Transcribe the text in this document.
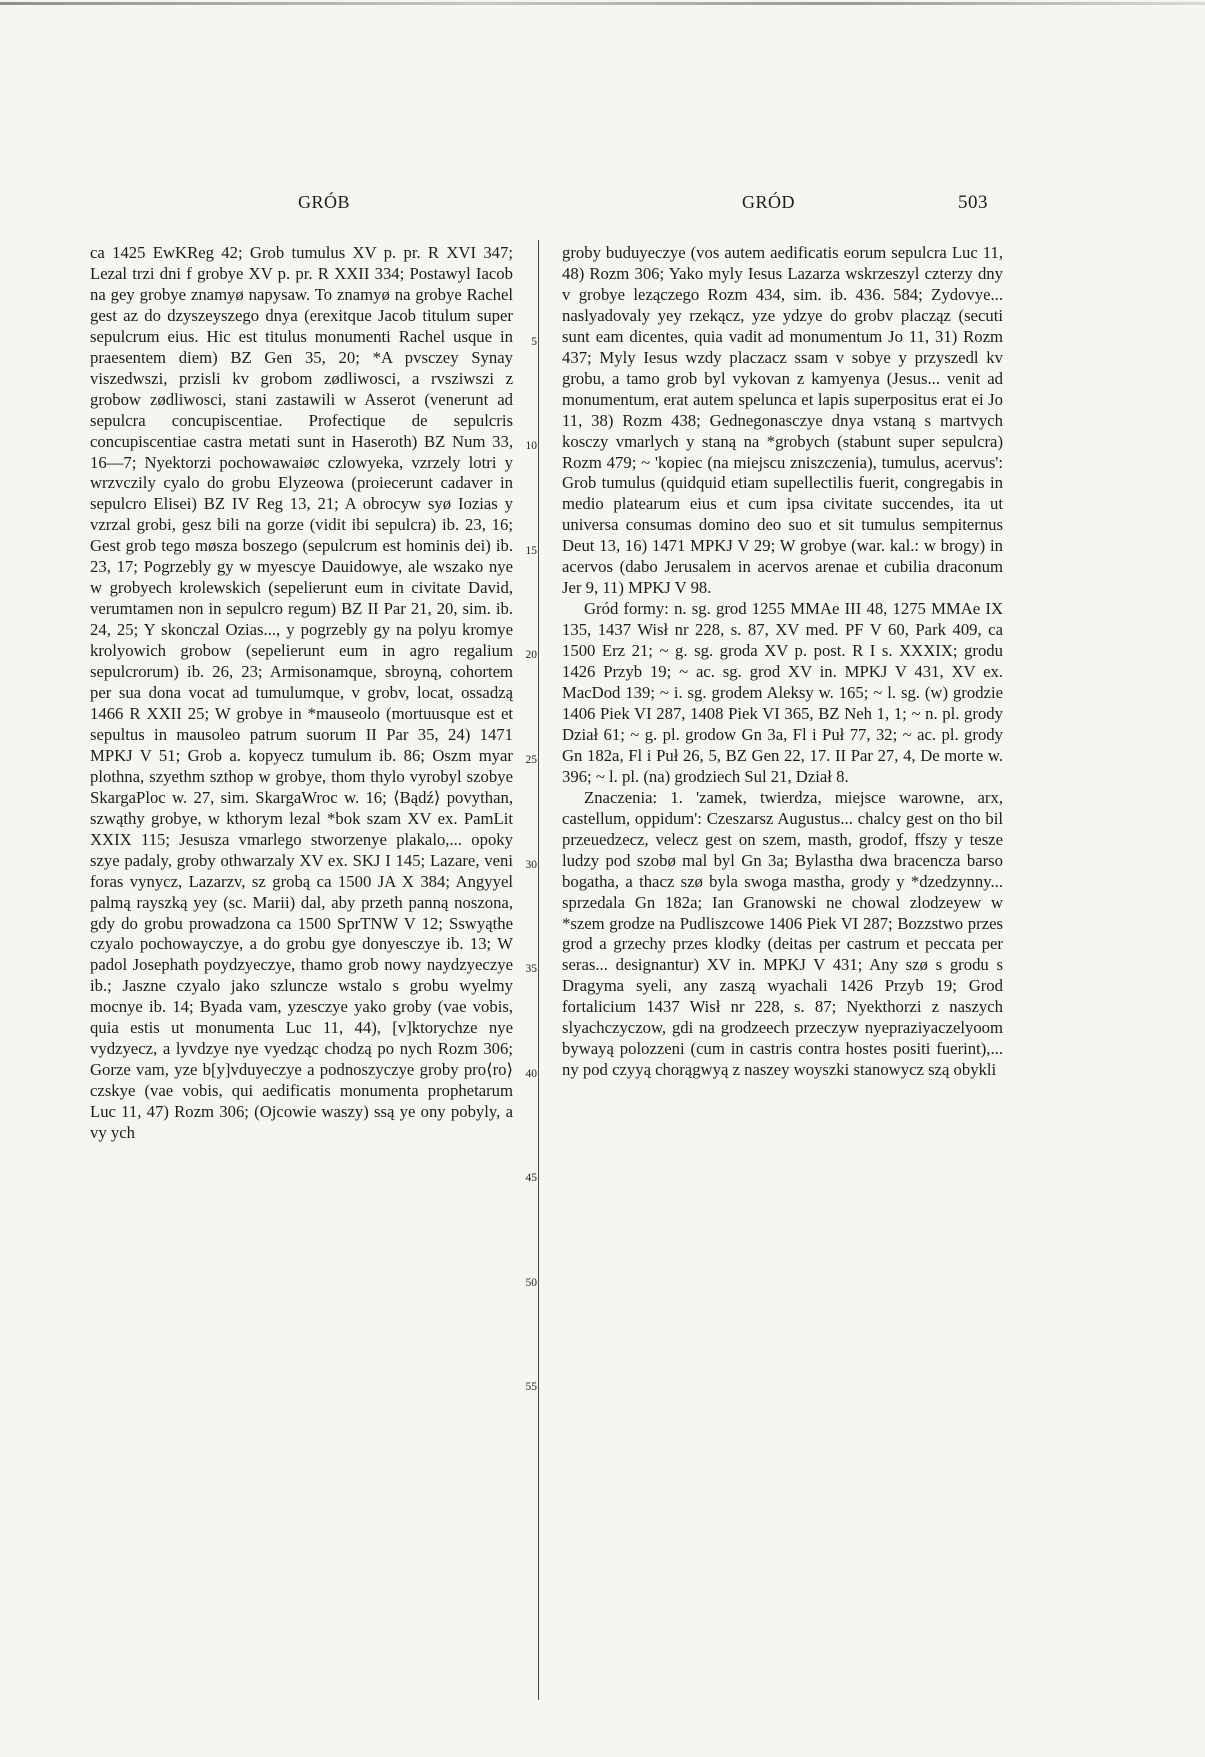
GRÓB	GRÓD	503

ca 1425 EwKReg 42; Grob tumulus XV p. pr. R XVI 347; Lezal trzi dni f grobye XV p. pr. R XXII 334; Postawyl Iacob na gey grobye znamyø napysaw. To znamyø na grobye Rachel gest az do dzyszeyszego dnya (erexitque Jacob titulum super sepulcrum eius. Hic est titulus monumenti Rachel usque in praesentem diem) BZ Gen 35, 20; *A pvsczey Synay viszedwszi, przisli kv grobom zødliwosci, a rvsziwszi z grobow zødliwosci, stani zastawili w Asserot (venerunt ad sepulcra concupiscentiae. Profectique de sepulcris concupiscentiae castra metati sunt in Haseroth) BZ Num 33, 16—7; Nyektorzi pochowawaiøc czlowyeka, vzrzely lotri y wrzvczily cyalo do grobu Elyzeowa (proiecerunt cadaver in sepulcro Elisei) BZ IV Reg 13, 21; A obrocyw syø Iozias y vzrzal grobi, gesz bili na gorze (vidit ibi sepulcra) ib. 23, 16; Gest grob tego møsza boszego (sepulcrum est hominis dei) ib. 23, 17; Pogrzebly gy w myescye Dauidowye, ale wszako nye w grobyech krolewskich (sepelierunt eum in civitate David, verumtamen non in sepulcro regum) BZ II Par 21, 20, sim. ib. 24, 25; Y skonczal Ozias..., y pogrzebly gy na polyu kromye krolyowich grobow (sepelierunt eum in agro regalium sepulcrorum) ib. 26, 23; Armisonamque, sbroyną, cohortem per sua dona vocat ad tumulumque, v grobv, locat, ossadzą 1466 R XXII 25; W grobye in *mauseolo (mortuusque est et sepultus in mausoleo patrum suorum II Par 35, 24) 1471 MPKJ V 51; Grob a. kopyecz tumulum ib. 86; Oszm myar plothna, szyethm szthop w grobye, thom thylo vyrobyl szobye SkargaPloc w. 27, sim. SkargaWroc w. 16; ⟨Bądź⟩ povythan, szwąthy grobye, w kthorym lezal *bok szam XV ex. PamLit XXIX 115; Jesusza vmarlego stworzenye plakalo,... opoky szye padaly, groby othwarzaly XV ex. SKJ I 145; Lazare, veni foras vynycz, Lazarzv, sz grobą ca 1500 JA X 384; Angyyel palmą rayszką yey (sc. Marii) dal, aby przeth panną noszona, gdy do grobu prowadzona ca 1500 SprTNW V 12; Sswyąthe czyalo pochowayczye, a do grobu gye donyesczye ib. 13; W padol Josephath poydzyeczye, thamo grob nowy naydzyeczye ib.; Jaszne czyalo jako szluncze wstalo s grobu wyelmy mocnye ib. 14; Byada vam, yzesczye yako groby (vae vobis, quia estis ut monumenta Luc 11, 44), [v]ktorychze nye vydzyecz, a lyvdzye nye vyedząc chodzą po nych Rozm 306; Gorze vam, yze b[y]vduyeczye a podnoszyczye groby pro⟨ro⟩czskye (vae vobis, qui aedificatis monumenta prophetarum Luc 11, 47) Rozm 306; (Ojcowie waszy) ssą ye ony pobyly, a vy ych

5
10
15
20
25
30
35
40
45
50
55

groby buduyeczye (vos autem aedificatis eorum sepulcra Luc 11, 48) Rozm 306; Yako myly Iesus Lazarza wskrzeszyl czterzy dny v grobye lezączego Rozm 434, sim. ib. 436. 584; Zydovye... naslyadovaly yey rzekącz, yze ydzye do grobv placząz (secuti sunt eam dicentes, quia vadit ad monumentum Jo 11, 31) Rozm 437; Myly Iesus wzdy placzacz ssam v sobye y przyszedl kv grobu, a tamo grob byl vykovan z kamyenya (Jesus... venit ad monumentum, erat autem spelunca et lapis superpositus erat ei Jo 11, 38) Rozm 438; Gednegonasczye dnya vstaną s martvych kosczy vmarlych y staną na *grobych (stabunt super sepulcra) Rozm 479; ~ 'kopiec (na miejscu zniszczenia), tumulus, acervus': Grob tumulus (quidquid etiam supellectilis fuerit, congregabis in medio platearum eius et cum ipsa civitate succendes, ita ut universa consumas domino deo suo et sit tumulus sempiternus Deut 13, 16) 1471 MPKJ V 29; W grobye (war. kal.: w brogy) in acervos (dabo Jerusalem in acervos arenae et cubilia draconum Jer 9, 11) MPKJ V 98.

Gród formy: n. sg. grod 1255 MMAe III 48, 1275 MMAe IX 135, 1437 Wisł nr 228, s. 87, XV med. PF V 60, Park 409, ca 1500 Erz 21; ~ g. sg. groda XV p. post. R I s. XXXIX; grodu 1426 Przyb 19; ~ ac. sg. grod XV in. MPKJ V 431, XV ex. MacDod 139; ~ i. sg. grodem Aleksy w. 165; ~ l. sg. (w) grodzie 1406 Piek VI 287, 1408 Piek VI 365, BZ Neh 1, 1; ~ n. pl. grody Dział 61; ~ g. pl. grodow Gn 3a, Fl i Puł 77, 32; ~ ac. pl. grody Gn 182a, Fl i Puł 26, 5, BZ Gen 22, 17. II Par 27, 4, De morte w. 396; ~ l. pl. (na) grodziech Sul 21, Dział 8.

Znaczenia: 1. 'zamek, twierdza, miejsce warowne, arx, castellum, oppidum': Czeszarsz Augustus... chalcy gest on tho bil przeuedzecz, velecz gest on szem, masth, grodof, ffszy y tesze ludzy pod szobø mal byl Gn 3a; Bylastha dwa bracencza barso bogatha, a thacz szø byla swoga mastha, grody y *dzedzynny... sprzedala Gn 182a; Ian Granowski ne chowal zlodzeyew w *szem grodze na Pudliszcowe 1406 Piek VI 287; Bozzstwo przes grod a grzechy przes klodky (deitas per castrum et peccata per seras... designantur) XV in. MPKJ V 431; Any szø s grodu s Dragyma syeli, any zaszą wyachali 1426 Przyb 19; Grod fortalicium 1437 Wisł nr 228, s. 87; Nyekthorzi z naszych slyachczyczow, gdi na grodzeech przeczyw nyepraziyaczelyoom bywayą polozzeni (cum in castris contra hostes positi fuerint),... ny pod czyyą chorągwyą z naszey woyszki stanowycz szą obykli
